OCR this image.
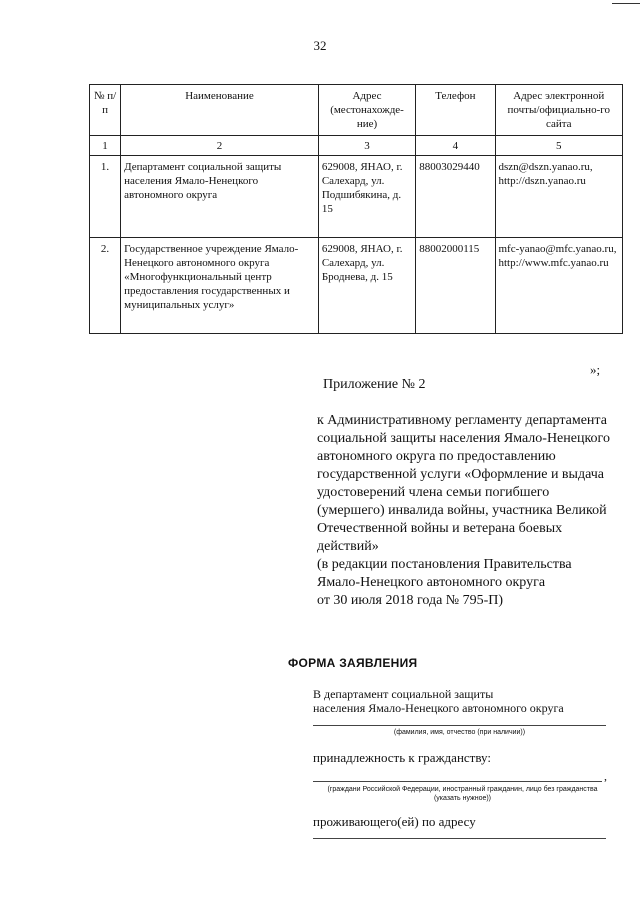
32
№ п/п	Наименование	Адрес (местонахожде-ние)	Телефон	Адрес электронной почты/официально-го сайта
1	2	3	4	5
1.	Департамент социальной защиты населения Ямало-Ненецкого автономного округа	629008, ЯНАО, г. Салехард, ул. Подшибякина, д. 15	88003029440	dszn@dszn.yanao.ru, http://dszn.yanao.ru
2.	Государственное учреждение Ямало-Ненецкого автономного округа «Многофункциональный центр предоставления государственных и муниципальных услуг»	629008, ЯНАО, г. Салехард, ул. Броднева, д. 15	88002000115	mfc-yanao@mfc.yanao.ru, http://www.mfc.yanao.ru
»;
Приложение № 2
к Административному регламенту департамента социальной защиты населения Ямало-Ненецкого автономного округа по предоставлению государственной услуги «Оформление и выдача удостоверений члена семьи погибшего (умершего) инвалида войны, участника Великой Отечественной войны и ветерана боевых действий»
(в редакции постановления Правительства
Ямало-Ненецкого автономного округа
от 30 июля 2018 года № 795-П)
ФОРМА ЗАЯВЛЕНИЯ
В департамент социальной защиты
населения Ямало-Ненецкого автономного округа
(фамилия, имя, отчество (при наличии))
принадлежность к гражданству:
,
(граждани Российской Федерации, иностранный гражданин, лицо без гражданства (указать нужное))
проживающего(ей) по адресу
